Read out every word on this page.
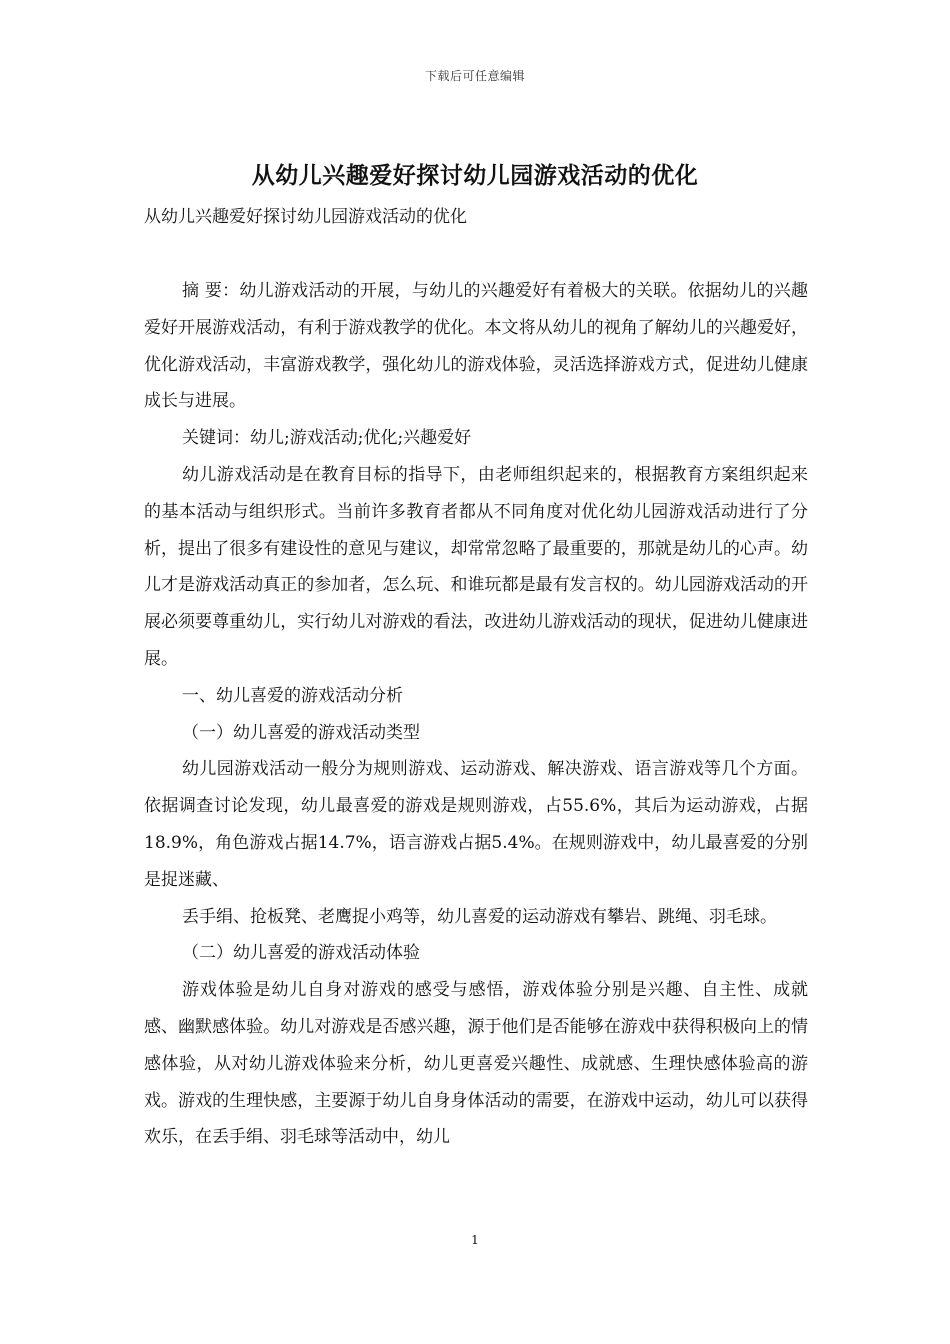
下载后可任意编辑
从幼儿兴趣爱好探讨幼儿园游戏活动的优化
从幼儿兴趣爱好探讨幼儿园游戏活动的优化

摘 要：幼儿游戏活动的开展，与幼儿的兴趣爱好有着极大的关联。依据幼儿的兴趣爱好开展游戏活动，有利于游戏教学的优化。本文将从幼儿的视角了解幼儿的兴趣爱好，优化游戏活动，丰富游戏教学，强化幼儿的游戏体验，灵活选择游戏方式，促进幼儿健康成长与进展。

关键词：幼儿;游戏活动;优化;兴趣爱好

幼儿游戏活动是在教育目标的指导下，由老师组织起来的，根据教育方案组织起来的基本活动与组织形式。当前许多教育者都从不同角度对优化幼儿园游戏活动进行了分析，提出了很多有建设性的意见与建议，却常常忽略了最重要的，那就是幼儿的心声。幼儿才是游戏活动真正的参加者，怎么玩、和谁玩都是最有发言权的。幼儿园游戏活动的开展必须要尊重幼儿，实行幼儿对游戏的看法，改进幼儿游戏活动的现状，促进幼儿健康进展。

一、幼儿喜爱的游戏活动分析

（一）幼儿喜爱的游戏活动类型

幼儿园游戏活动一般分为规则游戏、运动游戏、解决游戏、语言游戏等几个方面。依据调查讨论发现，幼儿最喜爱的游戏是规则游戏，占55.6%，其后为运动游戏，占据18.9%，角色游戏占据14.7%，语言游戏占据5.4%。在规则游戏中，幼儿最喜爱的分别是捉迷藏、

丢手绢、抢板凳、老鹰捉小鸡等，幼儿喜爱的运动游戏有攀岩、跳绳、羽毛球。

（二）幼儿喜爱的游戏活动体验

游戏体验是幼儿自身对游戏的感受与感悟，游戏体验分别是兴趣、自主性、成就感、幽默感体验。幼儿对游戏是否感兴趣，源于他们是否能够在游戏中获得积极向上的情感体验，从对幼儿游戏体验来分析，幼儿更喜爱兴趣性、成就感、生理快感体验高的游戏。游戏的生理快感，主要源于幼儿自身身体活动的需要，在游戏中运动，幼儿可以获得欢乐，在丢手绢、羽毛球等活动中，幼儿

1
